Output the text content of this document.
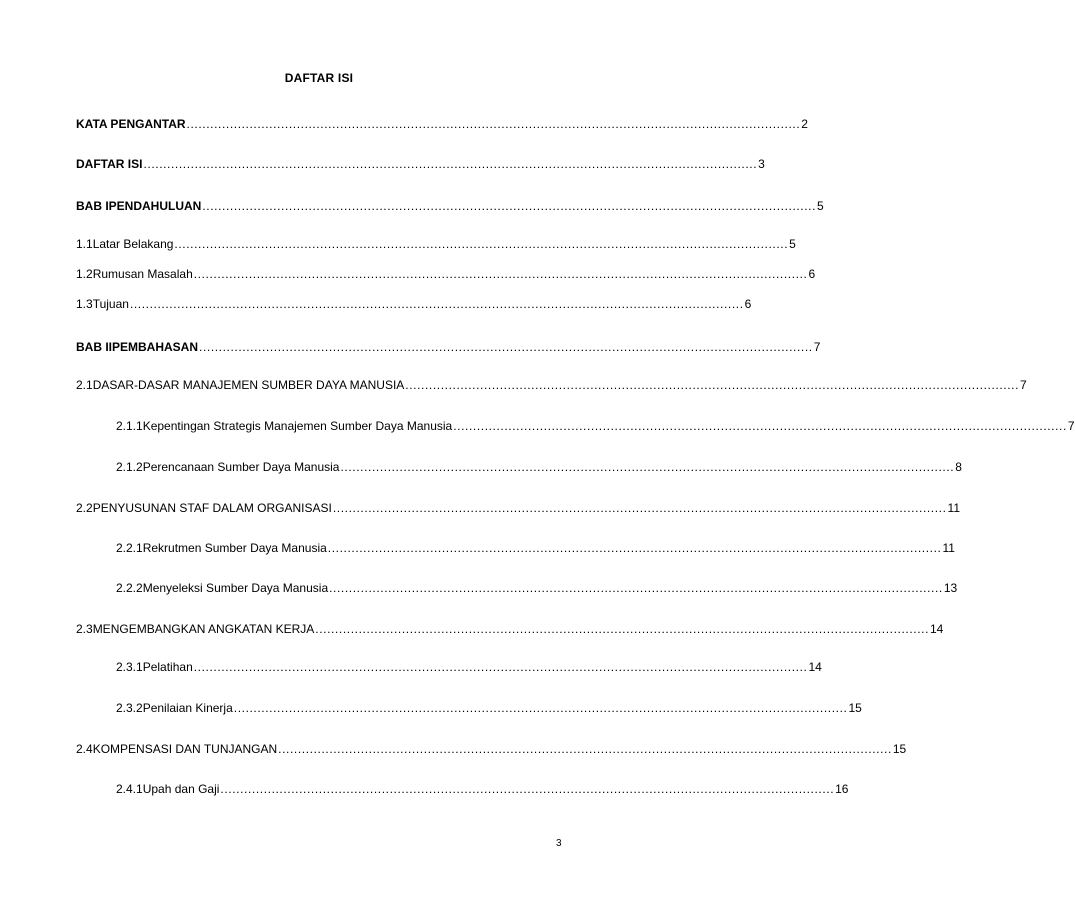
DAFTAR ISI
KATA PENGANTAR ............................................................................................................................................................ 2
DAFTAR ISI ............................................................................................................................................................ 3
BAB I PENDAHULUAN ............................................................................................................................................................ 5
1.1 Latar Belakang ............................................................................................................................................................ 5
1.2 Rumusan Masalah ............................................................................................................................................................ 6
1.3 Tujuan ............................................................................................................................................................ 6
BAB II PEMBAHASAN ............................................................................................................................................................ 7
2.1 DASAR-DASAR MANAJEMEN SUMBER DAYA MANUSIA ............................................................................................................................................................ 7
2.1.1 Kepentingan Strategis Manajemen Sumber Daya Manusia ............................................................................................................................................................ 7
2.1.2 Perencanaan Sumber Daya Manusia ............................................................................................................................................................ 8
2.2 PENYUSUNAN STAF DALAM ORGANISASI ............................................................................................................................................................ 11
2.2.1 Rekrutmen Sumber Daya Manusia ............................................................................................................................................................ 11
2.2.2 Menyeleksi Sumber Daya Manusia ............................................................................................................................................................ 13
2.3 MENGEMBANGKAN ANGKATAN KERJA ............................................................................................................................................................ 14
2.3.1 Pelatihan ............................................................................................................................................................ 14
2.3.2 Penilaian Kinerja ............................................................................................................................................................ 15
2.4 KOMPENSASI DAN TUNJANGAN ............................................................................................................................................................ 15
2.4.1 Upah dan Gaji ............................................................................................................................................................ 16
3
